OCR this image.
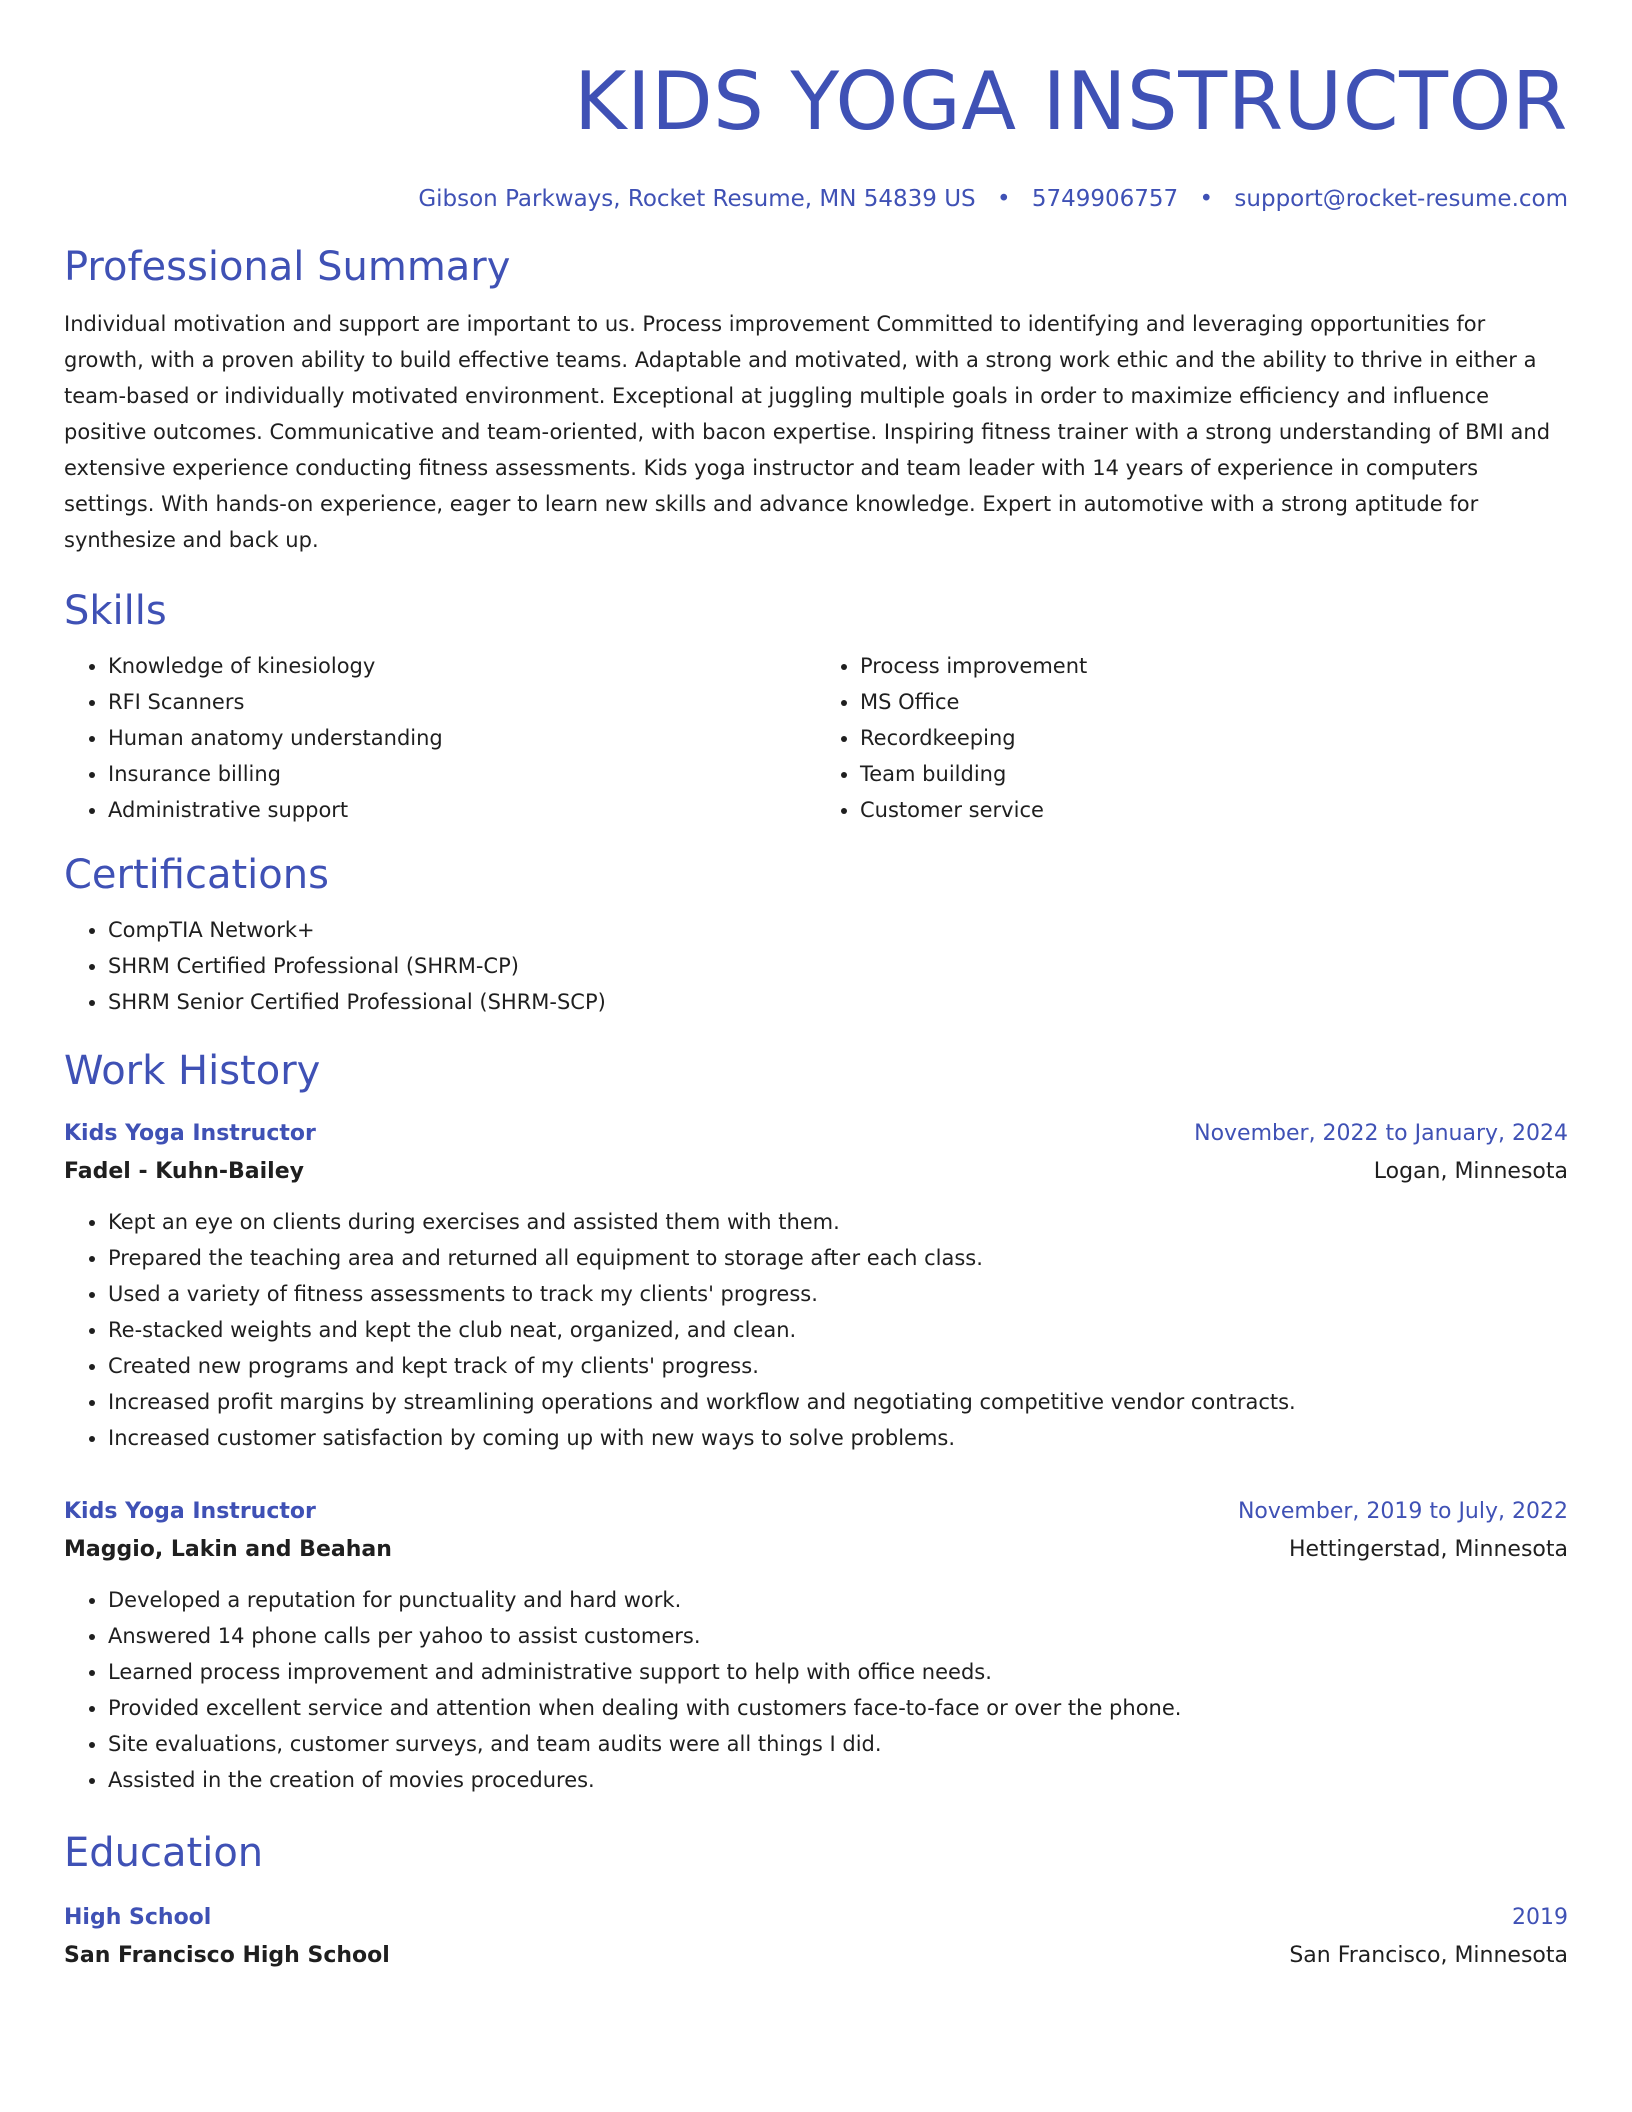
KIDS YOGA INSTRUCTOR
Gibson Parkways, Rocket Resume, MN 54839 US • 5749906757 • support@rocket-resume.com
Professional Summary

Individual motivation and support are important to us. Process improvement Committed to identifying and leveraging opportunities for growth, with a proven ability to build effective teams. Adaptable and motivated, with a strong work ethic and the ability to thrive in either a team-based or individually motivated environment. Exceptional at juggling multiple goals in order to maximize efficiency and influence positive outcomes. Communicative and team-oriented, with bacon expertise. Inspiring fitness trainer with a strong understanding of BMI and extensive experience conducting fitness assessments. Kids yoga instructor and team leader with 14 years of experience in computers settings. With hands-on experience, eager to learn new skills and advance knowledge. Expert in automotive with a strong aptitude for synthesize and back up.

Skills
• Knowledge of kinesiology
• RFI Scanners
• Human anatomy understanding
• Insurance billing
• Administrative support
• Process improvement
• MS Office
• Recordkeeping
• Team building
• Customer service
Certifications
• CompTIA Network+
• SHRM Certified Professional (SHRM-CP)
• SHRM Senior Certified Professional (SHRM-SCP)
Work History
Kids Yoga Instructor	November, 2022 to January, 2024
Fadel - Kuhn-Bailey	Logan, Minnesota
• Kept an eye on clients during exercises and assisted them with them.
• Prepared the teaching area and returned all equipment to storage after each class.
• Used a variety of fitness assessments to track my clients' progress.
• Re-stacked weights and kept the club neat, organized, and clean.
• Created new programs and kept track of my clients' progress.
• Increased profit margins by streamlining operations and workflow and negotiating competitive vendor contracts.
• Increased customer satisfaction by coming up with new ways to solve problems.
Kids Yoga Instructor	November, 2019 to July, 2022
Maggio, Lakin and Beahan	Hettingerstad, Minnesota
• Developed a reputation for punctuality and hard work.
• Answered 14 phone calls per yahoo to assist customers.
• Learned process improvement and administrative support to help with office needs.
• Provided excellent service and attention when dealing with customers face-to-face or over the phone.
• Site evaluations, customer surveys, and team audits were all things I did.
• Assisted in the creation of movies procedures.
Education
High School	2019
San Francisco High School	San Francisco, Minnesota
